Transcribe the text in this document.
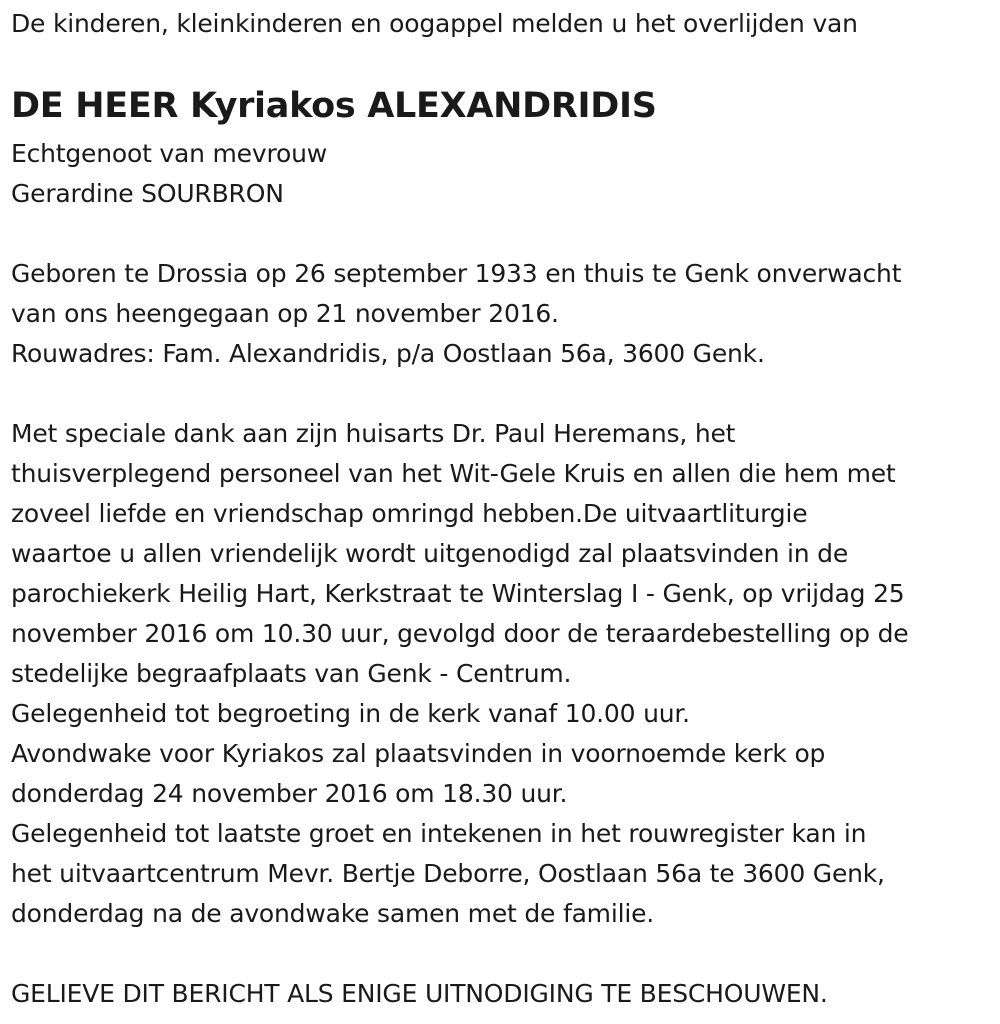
De kinderen, kleinkinderen en oogappel melden u het overlijden van
DE HEER Kyriakos ALEXANDRIDIS
Echtgenoot van mevrouw
Gerardine SOURBRON
Geboren te Drossia op 26 september 1933 en thuis te Genk onverwacht
van ons heengegaan op 21 november 2016.
Rouwadres: Fam. Alexandridis, p/a Oostlaan 56a, 3600 Genk.
Met speciale dank aan zijn huisarts Dr. Paul Heremans, het
thuisverplegend personeel van het Wit-Gele Kruis en allen die hem met
zoveel liefde en vriendschap omringd hebben.De uitvaartliturgie
waartoe u allen vriendelijk wordt uitgenodigd zal plaatsvinden in de
parochiekerk Heilig Hart, Kerkstraat te Winterslag I - Genk, op vrijdag 25
november 2016 om 10.30 uur, gevolgd door de teraardebestelling op de
stedelijke begraafplaats van Genk - Centrum.
Gelegenheid tot begroeting in de kerk vanaf 10.00 uur.
Avondwake voor Kyriakos zal plaatsvinden in voornoemde kerk op
donderdag 24 november 2016 om 18.30 uur.
Gelegenheid tot laatste groet en intekenen in het rouwregister kan in
het uitvaartcentrum Mevr. Bertje Deborre, Oostlaan 56a te 3600 Genk,
donderdag na de avondwake samen met de familie.
GELIEVE DIT BERICHT ALS ENIGE UITNODIGING TE BESCHOUWEN.
